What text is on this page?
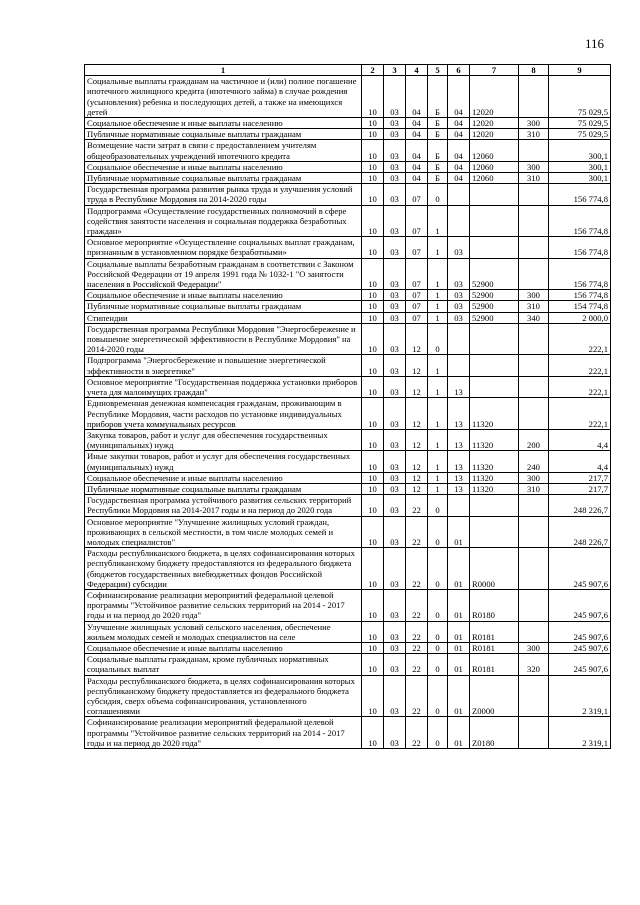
116
1	2	3	4	5	6	7	8	9
Социальные выплаты гражданам на частичное и (или) полное погашение ипотечного жилищного кредита (ипотечного займа) в случае рождения (усыновления) ребенка и последующих детей, а также на имеющихся детей	10	03	04	Б	04	12020		75 029,5
Социальное обеспечение и иные выплаты населению	10	03	04	Б	04	12020	300	75 029,5
Публичные нормативные социальные выплаты гражданам	10	03	04	Б	04	12020	310	75 029,5
Возмещение части затрат в связи с предоставлением учителям общеобразовательных учреждений ипотечного кредита	10	03	04	Б	04	12060		300,1
Социальное обеспечение и иные выплаты населению	10	03	04	Б	04	12060	300	300,1
Публичные нормативные социальные выплаты гражданам	10	03	04	Б	04	12060	310	300,1
Государственная программа развития рынка труда и улучшения условий труда в Республике Мордовия на 2014-2020 годы	10	03	07	0				156 774,8
Подпрограмма «Осуществление государственных полномочий в сфере содействия занятости населения и социальная поддержка безработных граждан»	10	03	07	1				156 774,8
Основное мероприятие «Осуществление социальных выплат гражданам, признанным в установленном порядке безработными»	10	03	07	1	03			156 774,8
Социальные выплаты безработным гражданам в соответствии с Законом Российской Федерации от 19 апреля 1991 года № 1032-1 "О занятости населения в Российской Федерации"	10	03	07	1	03	52900		156 774,8
Социальное обеспечение и иные выплаты населению	10	03	07	1	03	52900	300	156 774,8
Публичные нормативные социальные выплаты гражданам	10	03	07	1	03	52900	310	154 774,8
Стипендии	10	03	07	1	03	52900	340	2 000,0
Государственная программа Республики Мордовия "Энергосбережение и повышение энергетической эффективности в Республике Мордовия" на 2014-2020 годы	10	03	12	0				222,1
Подпрограмма "Энергосбережение и повышение энергетической эффективности в энергетике"	10	03	12	1				222,1
Основное мероприятие "Государственная поддержка установки приборов учета для малоимущих граждан"	10	03	12	1	13			222,1
Единовременная денежная компенсация гражданам, проживающим в Республике Мордовия, части расходов по установке индивидуальных приборов учета коммунальных ресурсов	10	03	12	1	13	11320		222,1
Закупка товаров, работ и услуг для обеспечения государственных (муниципальных) нужд	10	03	12	1	13	11320	200	4,4
Иные закупки товаров, работ и услуг для обеспечения государственных (муниципальных) нужд	10	03	12	1	13	11320	240	4,4
Социальное обеспечение и иные выплаты населению	10	03	12	1	13	11320	300	217,7
Публичные нормативные социальные выплаты гражданам	10	03	12	1	13	11320	310	217,7
Государственная программа устойчивого развития сельских территорий Республики Мордовия на 2014-2017 годы и на период до 2020 года	10	03	22	0				248 226,7
Основное мероприятие "Улучшение жилищных условий граждан, проживающих в сельской местности, в том числе молодых семей и молодых специалистов"	10	03	22	0	01			248 226,7
Расходы республиканского бюджета, в целях софинансирования которых республиканскому бюджету предоставляются из федерального бюджета (бюджетов государственных внебюджетных фондов Российской Федерации) субсидии	10	03	22	0	01	R0000		245 907,6
Софинансирование реализации мероприятий федеральной целевой программы "Устойчивое развитие сельских территорий на 2014 - 2017 годы и на период до 2020 года"	10	03	22	0	01	R0180		245 907,6
Улучшение жилищных условий сельского населения, обеспечение жильем молодых семей и молодых специалистов на селе	10	03	22	0	01	R0181		245 907,6
Социальное обеспечение и иные выплаты населению	10	03	22	0	01	R0181	300	245 907,6
Социальные выплаты гражданам, кроме публичных нормативных социальных выплат	10	03	22	0	01	R0181	320	245 907,6
Расходы республиканского бюджета, в целях софинансирования которых республиканскому бюджету предоставляется из федерального бюджета субсидия, сверх объема софинансирования, установленного соглашениями	10	03	22	0	01	Z0000		2 319,1
Софинансирование реализации мероприятий федеральной целевой программы "Устойчивое развитие сельских территорий на 2014 - 2017 годы и на период до 2020 года"	10	03	22	0	01	Z0180		2 319,1
